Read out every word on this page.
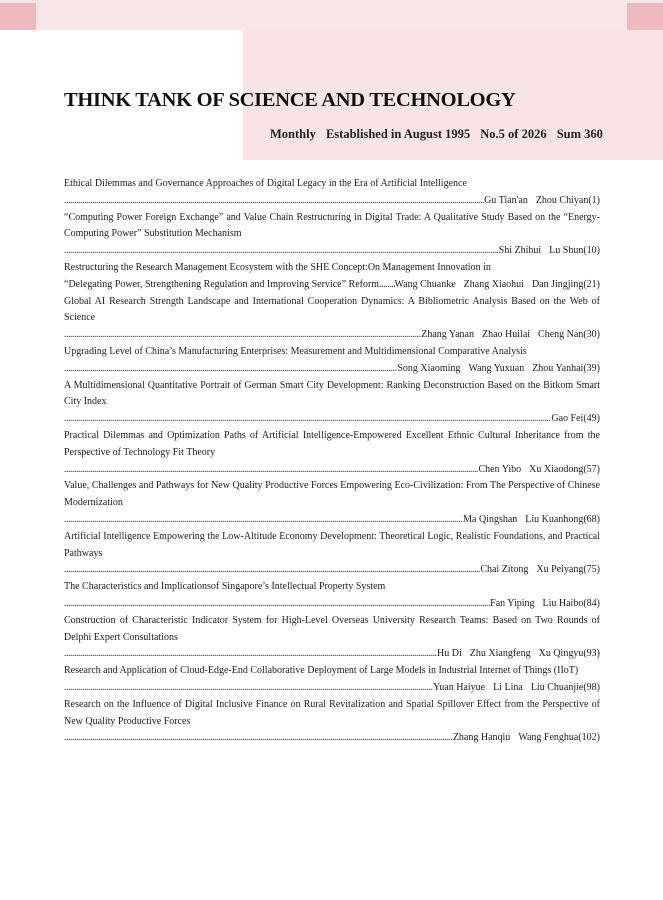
THINK TANK OF SCIENCE AND TECHNOLOGY
Monthly Established in August 1995 No.5 of 2026 Sum 360
Ethical Dilemmas and Governance Approaches of Digital Legacy in the Era of Artificial Intelligence
.....
Gu Tian'an Zhou Chiyan (1)
“Computing Power Foreign Exchange” and Value Chain Restructuring in Digital Trade: A Qualitative Study Based on the “Energy-Computing Power” Substitution Mechanism
.....
Shi Zhihui Lu Shun (10)
Restructuring the Research Management Ecosystem with the SHE Concept:On Management Innovation in
“Delegating Power, Strengthening Regulation and Improving Service” Reform
..... Wang Chuanke Zhang Xiaohui Dan Jingjing (21)
Global AI Research Strength Landscape and International Cooperation Dynamics: A Bibliometric Analysis Based on the Web of Science
.....
Zhang Yanan Zhao Huilai Cheng Nan (30)
Upgrading Level of China’s Manufacturing Enterprises: Measurement and Multidimensional Comparative Analysis
.....
Song Xiaoming Wang Yuxuan Zhou Yanhai (39)
A Multidimensional Quantitative Portrait of German Smart City Development: Ranking Deconstruction Based on the Bitkom Smart City Index
.....
Gao Fei (49)
Practical Dilemmas and Optimization Paths of Artificial Intelligence-Empowered Excellent Ethnic Cultural Inheritance from the Perspective of Technology Fit Theory
.....
Chen Yibo Xu Xiaodong (57)
Value, Challenges and Pathways for New Quality Productive Forces Empowering Eco-Civilization: From The Perspective of Chinese Modernization
.....
Ma Qingshan Liu Kuanhong (68)
Artificial Intelligence Empowering the Low-Altitude Economy Development: Theoretical Logic, Realistic Foundations, and Practical Pathways
.....
Chai Zitong Xu Peiyang (75)
The Characteristics and Implicationsof Singapore’s Intellectual Property System
.....
Fan Yiping Liu Haibo (84)
Construction of Characteristic Indicator System for High-Level Overseas University Research Teams: Based on Two Rounds of Delphi Expert Consultations
.....
Hu Di Zhu Xiangfeng Xu Qingyu (93)
Research and Application of Cloud-Edge-End Collaborative Deployment of Large Models in Industrial Internet of Things (IIoT)
.....
Yuan Haiyue Li Lina Liu Chuanjie (98)
Research on the Influence of Digital Inclusive Finance on Rural Revitalization and Spatial Spillover Effect from the Perspective of New Quality Productive Forces
.....
Zhang Hanqiu Wang Fenghua (102)
